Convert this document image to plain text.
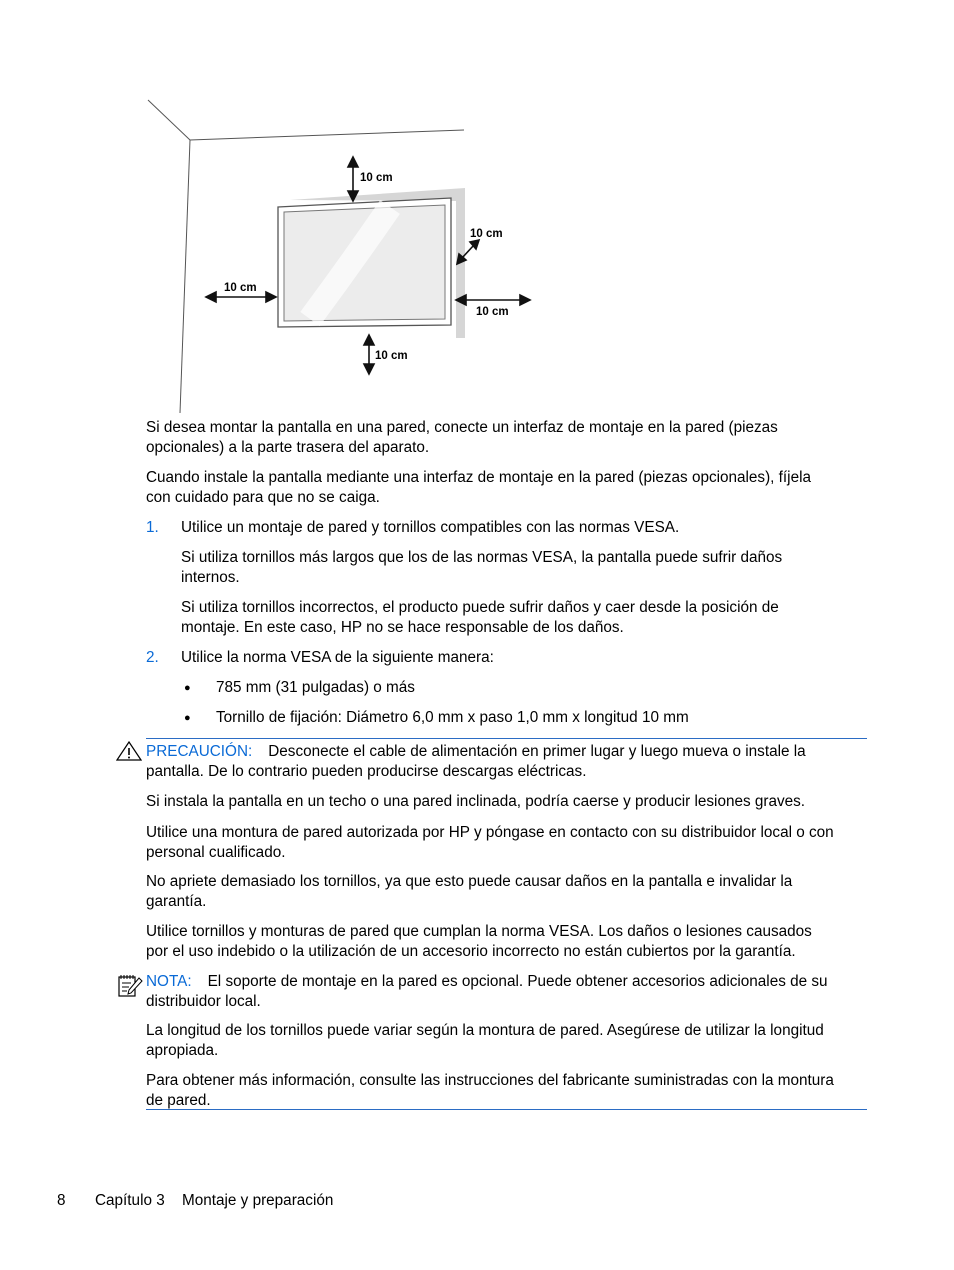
10 cm
10 cm
10 cm
10 cm
10 cm
Si desea montar la pantalla en una pared, conecte un interfaz de montaje en la pared (piezas
opcionales) a la parte trasera del aparato.
Cuando instale la pantalla mediante una interfaz de montaje en la pared (piezas opcionales), fíjela
con cuidado para que no se caiga.
1. Utilice un montaje de pared y tornillos compatibles con las normas VESA.
Si utiliza tornillos más largos que los de las normas VESA, la pantalla puede sufrir daños
internos.
Si utiliza tornillos incorrectos, el producto puede sufrir daños y caer desde la posición de
montaje. En este caso, HP no se hace responsable de los daños.
2. Utilice la norma VESA de la siguiente manera:
● 785 mm (31 pulgadas) o más
● Tornillo de fijación: Diámetro 6,0 mm x paso 1,0 mm x longitud 10 mm
PRECAUCIÓN: Desconecte el cable de alimentación en primer lugar y luego mueva o instale la
pantalla. De lo contrario pueden producirse descargas eléctricas.
Si instala la pantalla en un techo o una pared inclinada, podría caerse y producir lesiones graves.
Utilice una montura de pared autorizada por HP y póngase en contacto con su distribuidor local o con
personal cualificado.
No apriete demasiado los tornillos, ya que esto puede causar daños en la pantalla e invalidar la
garantía.
Utilice tornillos y monturas de pared que cumplan la norma VESA. Los daños o lesiones causados
por el uso indebido o la utilización de un accesorio incorrecto no están cubiertos por la garantía.
NOTA: El soporte de montaje en la pared es opcional. Puede obtener accesorios adicionales de su
distribuidor local.
La longitud de los tornillos puede variar según la montura de pared. Asegúrese de utilizar la longitud
apropiada.
Para obtener más información, consulte las instrucciones del fabricante suministradas con la montura
de pared.
8 Capítulo 3 Montaje y preparación
